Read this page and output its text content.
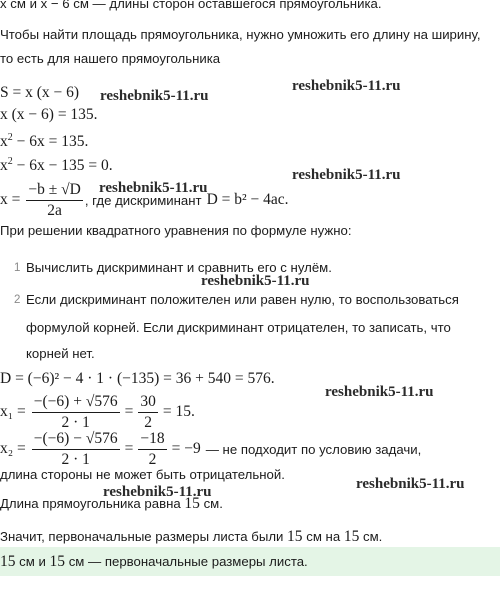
x см и x − 6 см — длины сторон оставшегося прямоугольника.
Чтобы найти площадь прямоугольника, нужно умножить его длину на ширину,
то есть для нашего прямоугольника
S = x (x − 6)
x (x − 6) = 135.
$x^2 - 6x = 135$.
$x^2 - 6x - 135 = 0$.
$x = \frac{-b \pm √D}{2a}$ , где дискриминант D = b² − 4ac.
При решении квадратного уравнения по формуле нужно:
1 Вычислить дискриминант и сравнить его с нулём.
2 Если дискриминант положителен или равен нулю, то воспользоваться
формулой корней. Если дискриминант отрицателен, то записать, что
корней нет.
D = (−6)² − 4 · 1 · (−135) = 36 + 540 = 576.
$x_1 = \frac{-(-6) + √576}{2 \cdot 1} = \frac{30}{2} = 15$.
$x_2 = \frac{-(-6) - √576}{2 \cdot 1} = \frac{-18}{2} = -9$ — не подходит по условию задачи,
длина стороны не может быть отрицательной.
Длина прямоугольника равна 15 см.
Значит, первоначальные размеры листа были 15 см на 15 см.
15 см и 15 см — первоначальные размеры листа.
reshebnik5-11.ru
reshebnik5-11.ru
reshebnik5-11.ru
reshebnik5-11.ru
reshebnik5-11.ru
reshebnik5-11.ru
reshebnik5-11.ru
reshebnik5-11.ru
